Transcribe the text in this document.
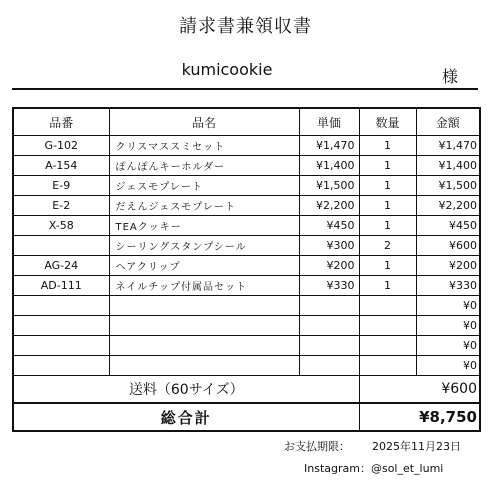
請求書兼領収書
kumicookie	様
品番	品名	単価	数量	金額
G-102	クリスマススミセット	¥1,470	1	¥1,470
A-154	ぽんぽんキーホルダー	¥1,400	1	¥1,400
E-9	ジェスモプレート	¥1,500	1	¥1,500
E-2	だえんジェスモプレート	¥2,200	1	¥2,200
X-58	TEAクッキー	¥450	1	¥450
	シーリングスタンプシール	¥300	2	¥600
AG-24	ヘアクリップ	¥200	1	¥200
AD-111	ネイルチップ付属品セット	¥330	1	¥330
				¥0
				¥0
				¥0
				¥0
送料（60サイズ）			¥600	
総合計			¥8,750	
お支払期限： 2025年11月23日
Instagram：@sol_et_lumi
